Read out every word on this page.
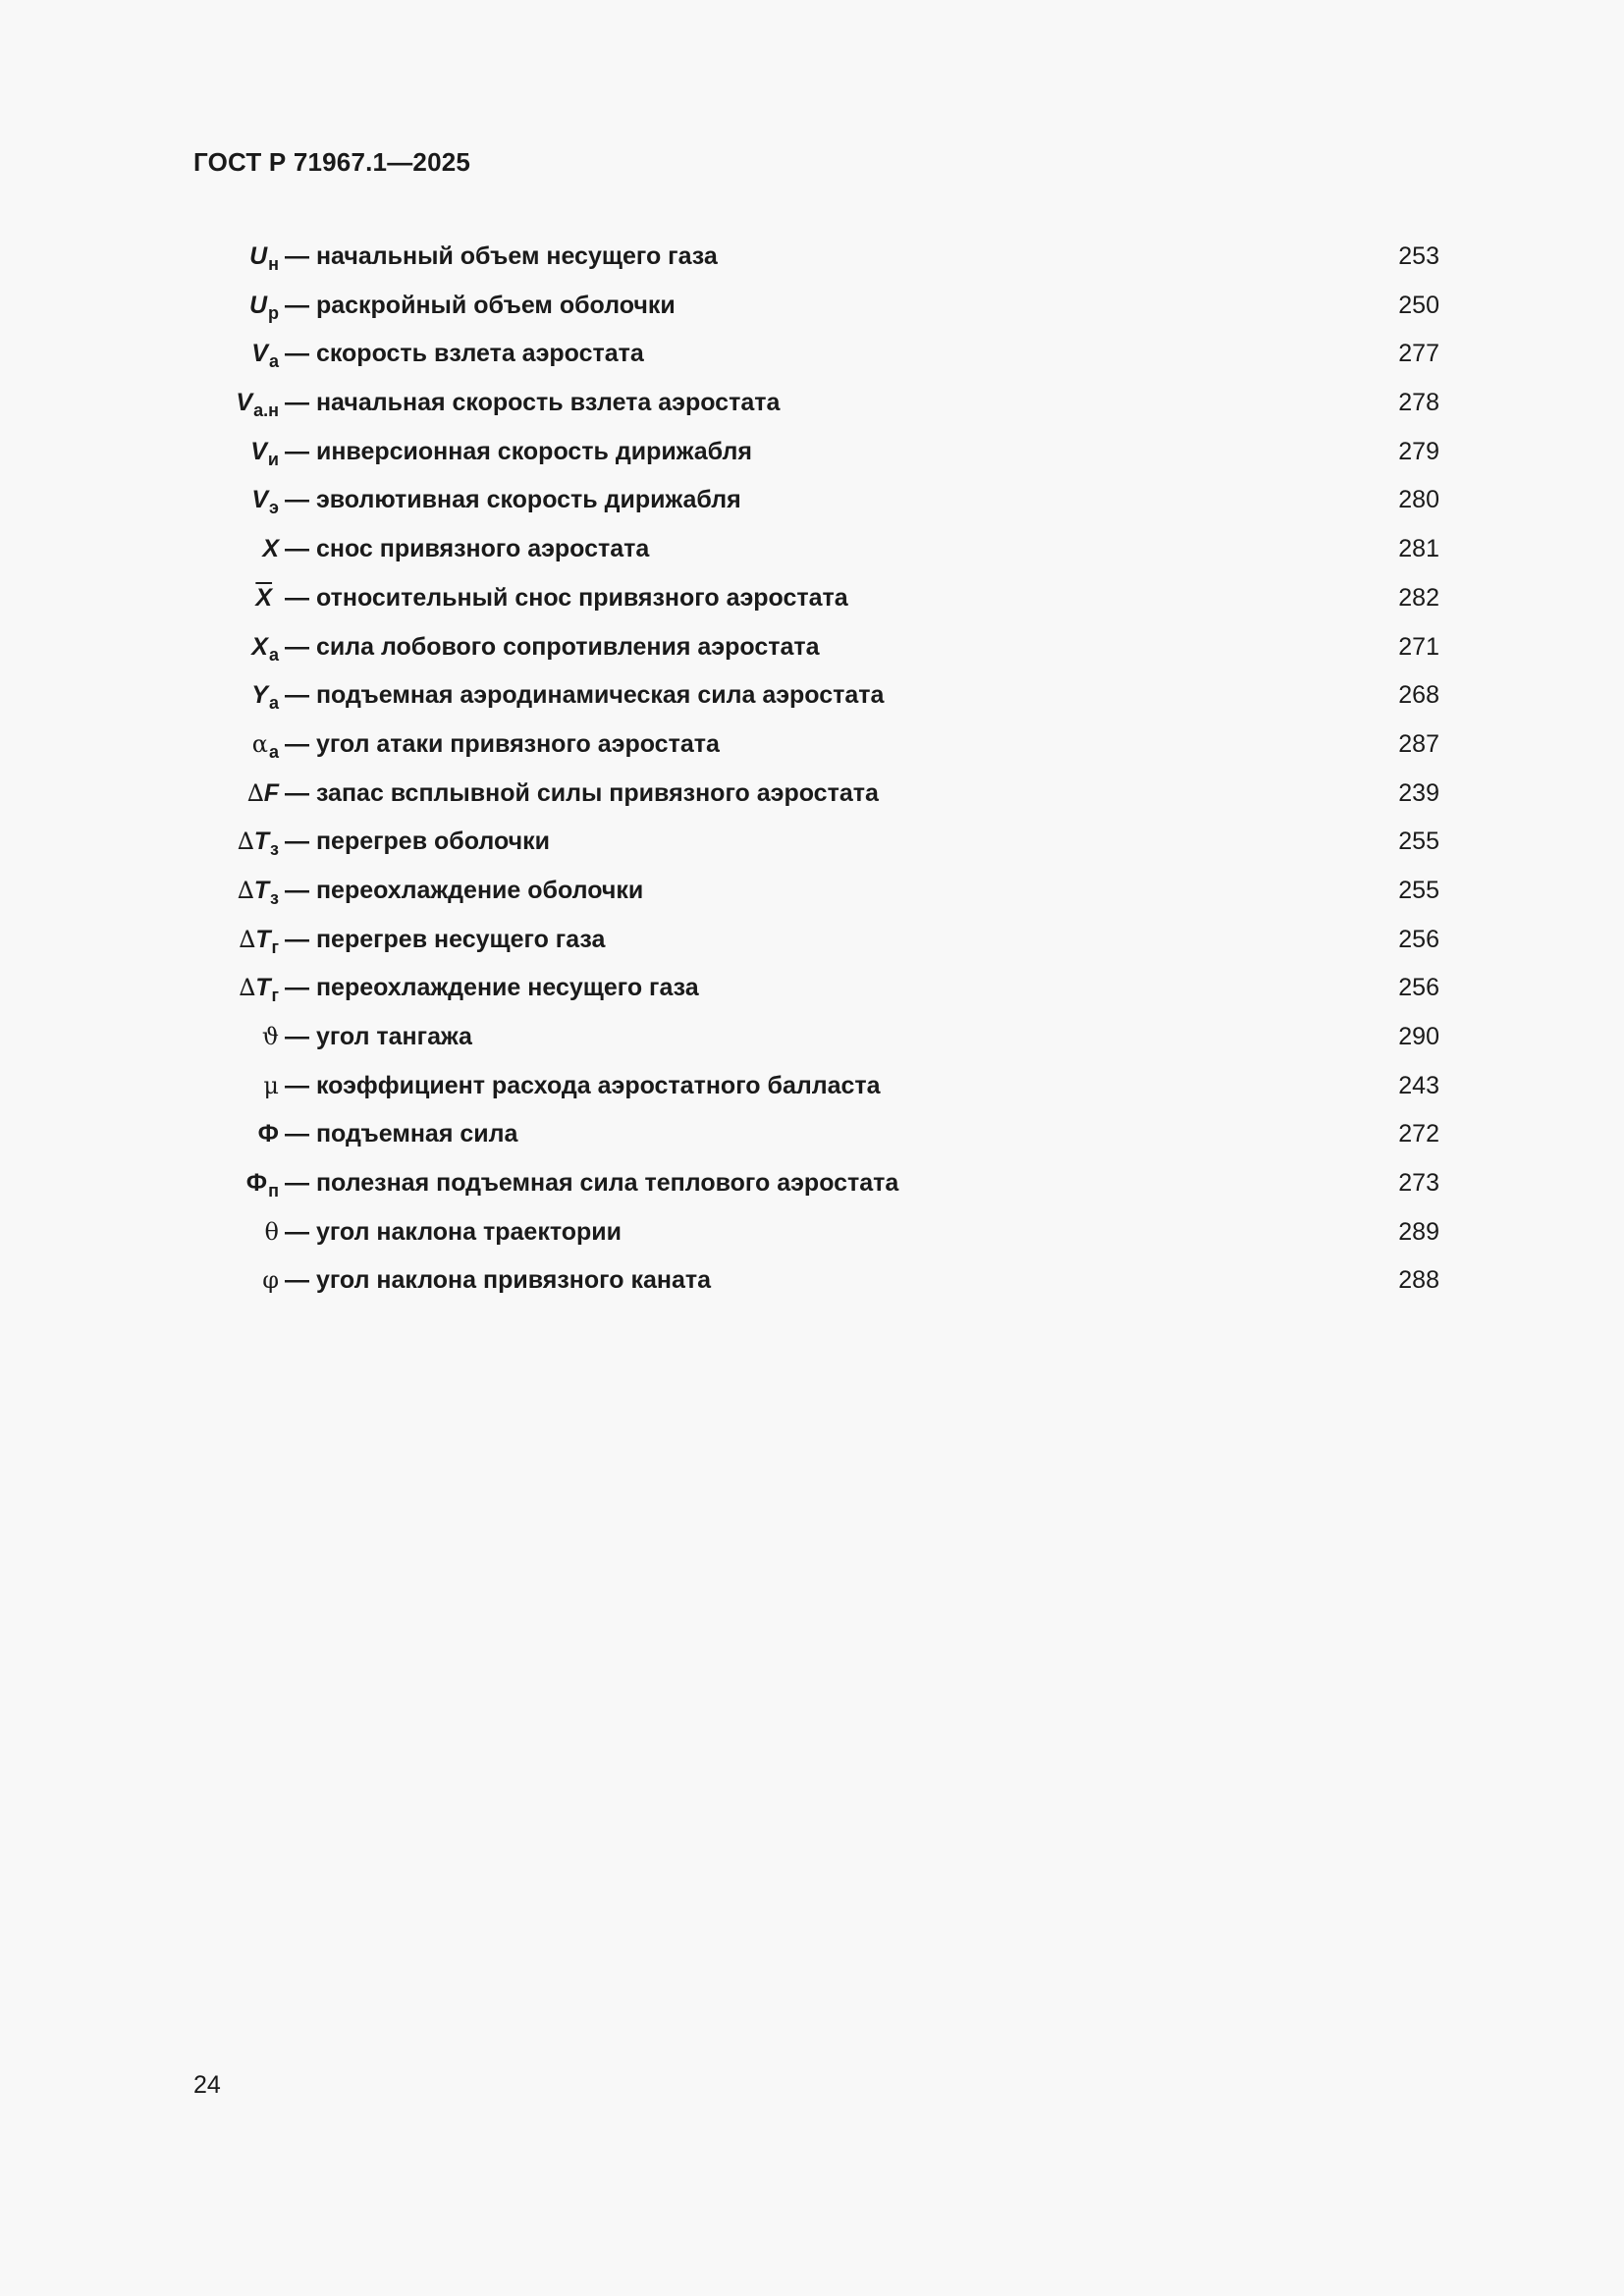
ГОСТ Р 71967.1—2025
$U_н$ — начальный объем несущего газа	253
$U_р$ — раскройный объем оболочки	250
$V_а$ — скорость взлета аэростата	277
$V_{а.н}$ — начальная скорость взлета аэростата	278
$V_и$ — инверсионная скорость дирижабля	279
$V_э$ — эволютивная скорость дирижабля	280
X — снос привязного аэростата	281
$\overline{X}$ — относительный снос привязного аэростата	282
$X_а$ — сила лобового сопротивления аэростата	271
$Y_а$ — подъемная аэродинамическая сила аэростата	268
$\alpha_а$ — угол атаки привязного аэростата	287
∆F — запас всплывной силы привязного аэростата	239
$\Delta T_з$ — перегрев оболочки	255
$\Delta T_з$ — переохлаждение оболочки	255
$\Delta T_г$ — перегрев несущего газа	256
$\Delta T_г$ — переохлаждение несущего газа	256
ϑ — угол тангажа	290
μ — коэффициент расхода аэростатного балласта	243
Ф — подъемная сила	272
$Ф_п$ — полезная подъемная сила теплового аэростата	273
θ — угол наклона траектории	289
φ — угол наклона привязного каната	288
24
